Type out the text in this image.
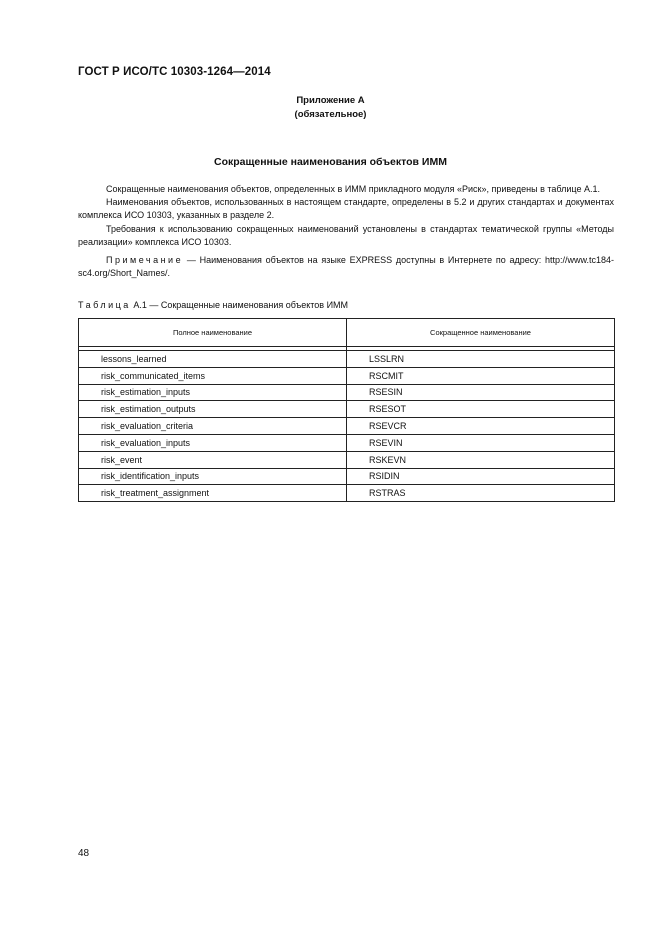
ГОСТ Р ИСО/ТС 10303-1264—2014
Приложение А
(обязательное)
Сокращенные наименования объектов ИММ

Сокращенные наименования объектов, определенных в ИММ прикладного модуля «Риск», приведены в таблице А.1.

Наименования объектов, использованных в настоящем стандарте, определены в 5.2 и других стандартах и документах комплекса ИСО 10303, указанных в разделе 2.

Требования к использованию сокращенных наименований установлены в стандартах тематической группы «Методы реализации» комплекса ИСО 10303.

Примечание — Наименования объектов на языке EXPRESS доступны в Интернете по адресу: http://www.tc184-sc4.org/Short_Names/.

Таблица А.1 — Сокращенные наименования объектов ИММ
Полное наименование	Сокращенное наименование

lessons_learned	LSSLRN
risk_communicated_items	RSCMIT
risk_estimation_inputs	RSESIN
risk_estimation_outputs	RSESOT
risk_evaluation_criteria	RSEVCR
risk_evaluation_inputs	RSEVIN
risk_event	RSKEVN
risk_identification_inputs	RSIDIN
risk_treatment_assignment	RSTRAS
48
